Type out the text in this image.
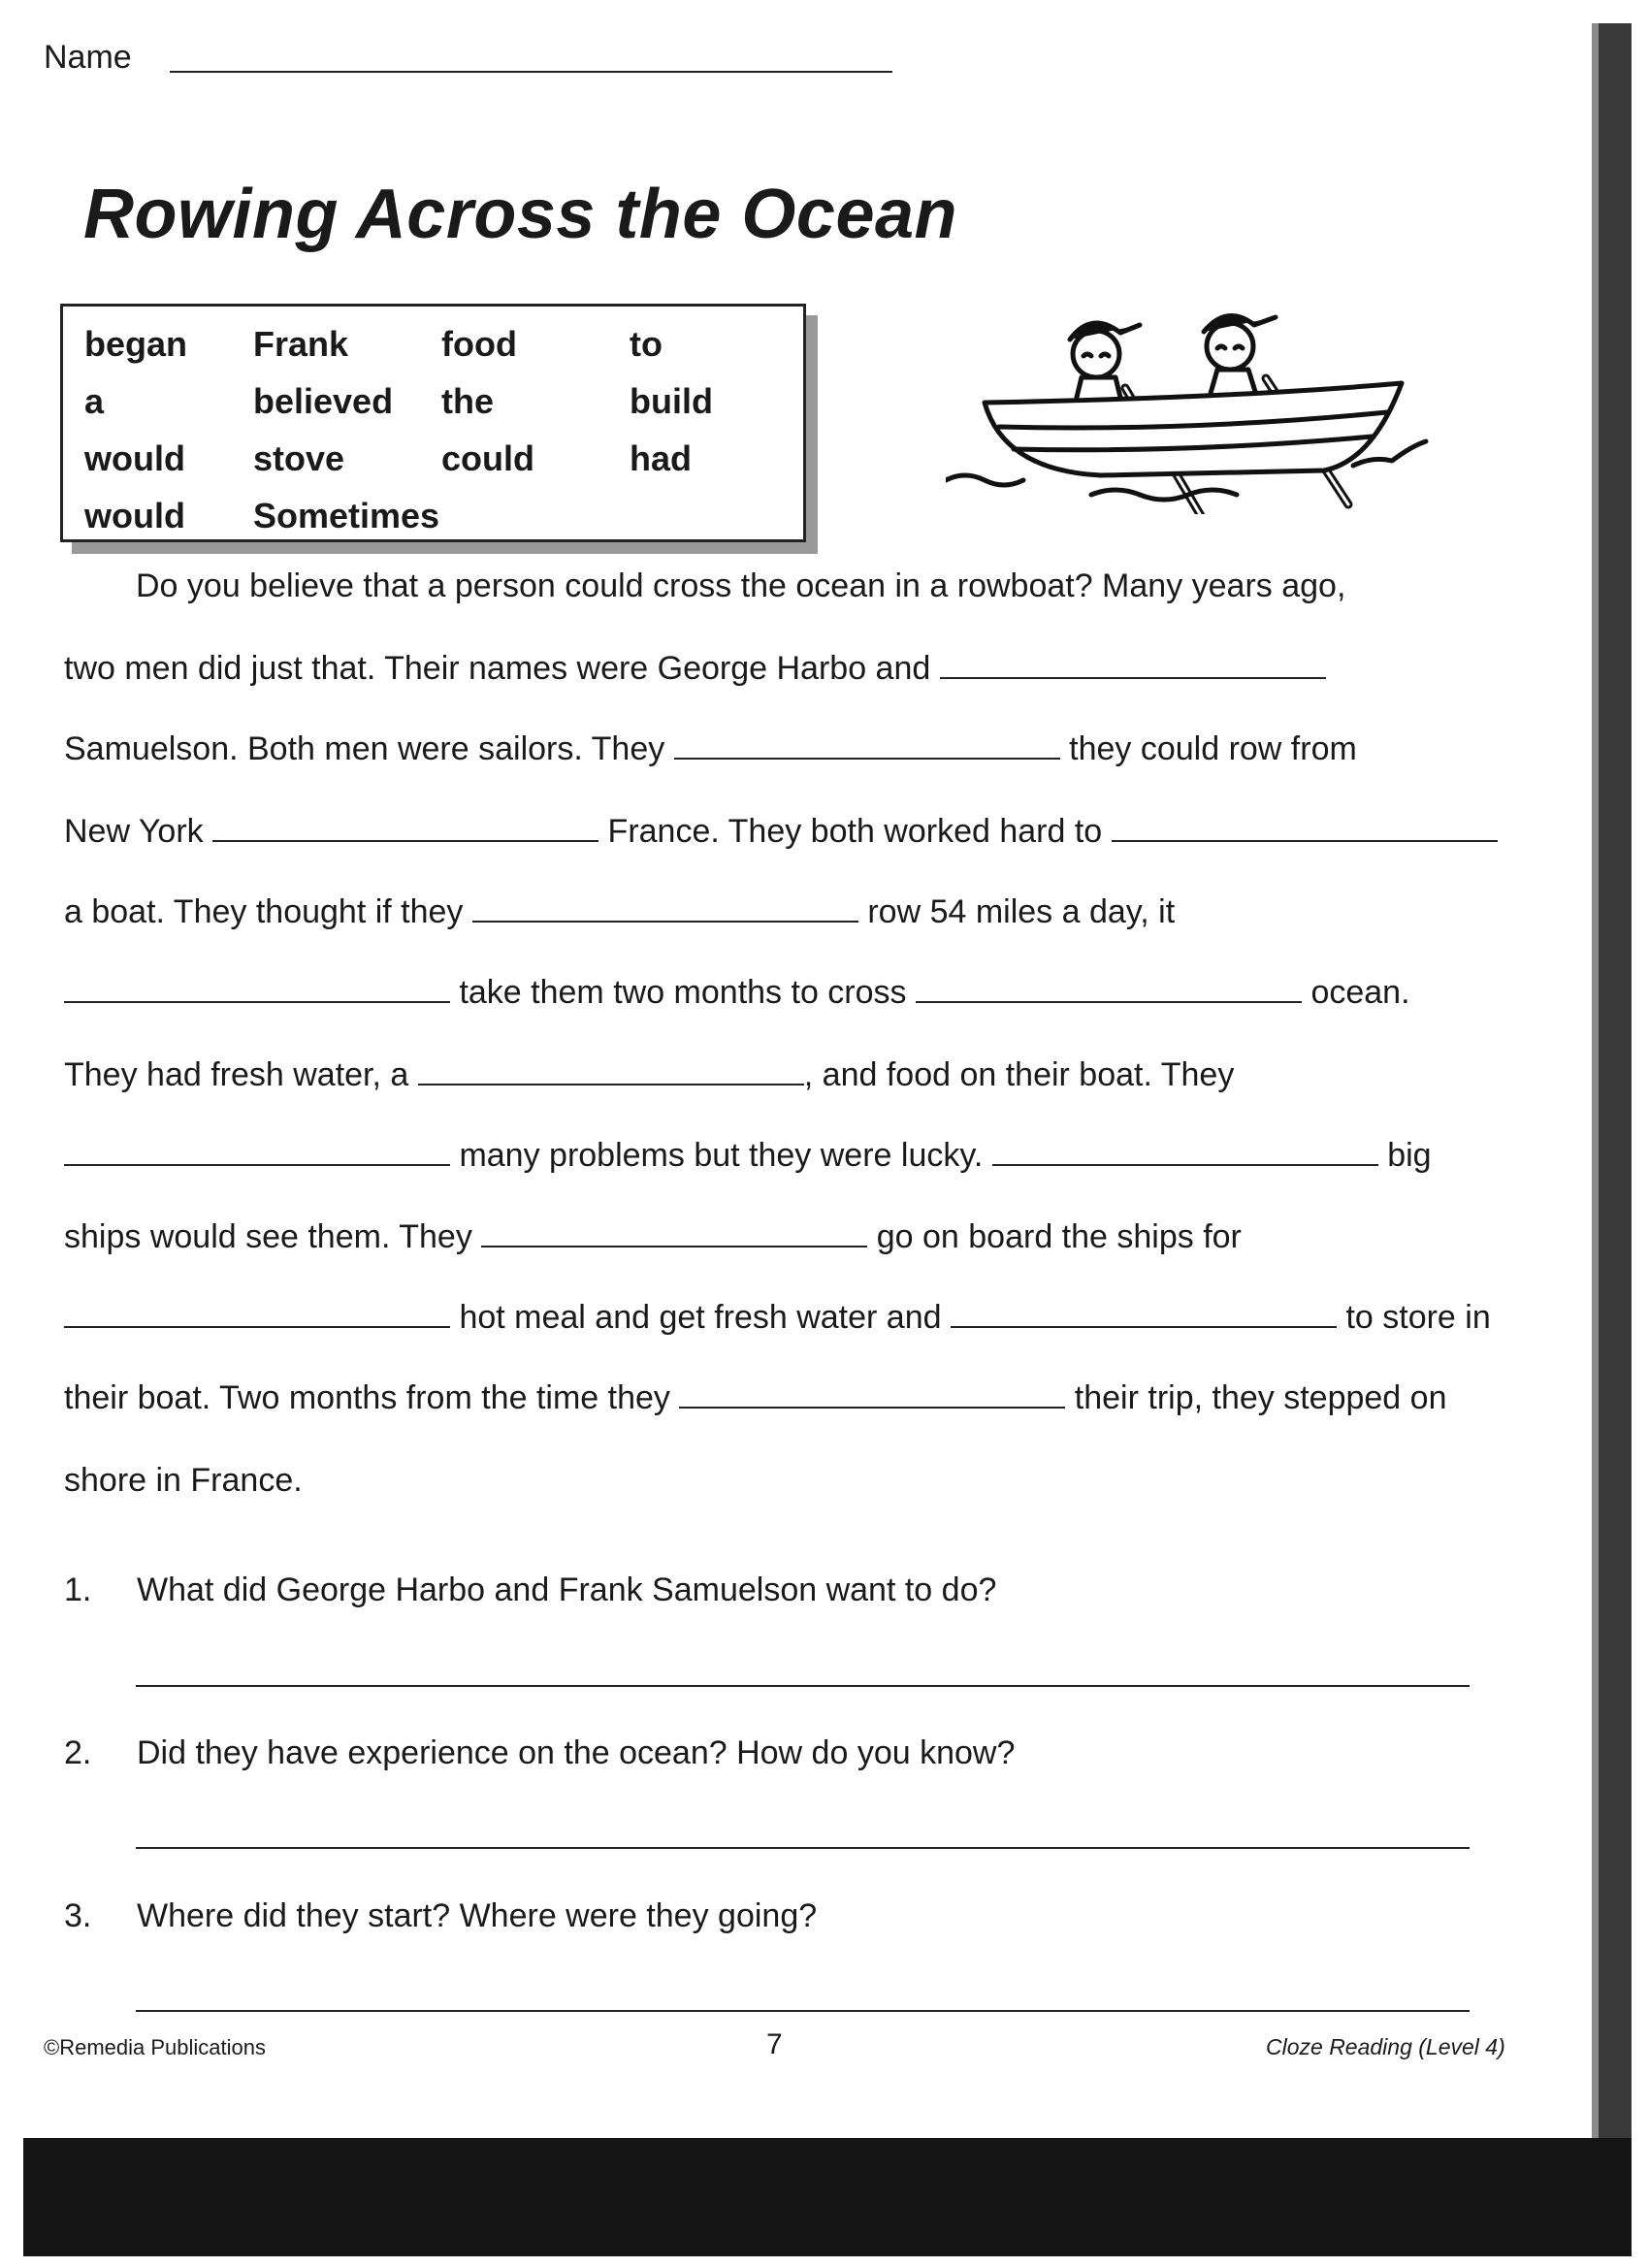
Name
Rowing Across the Ocean
began	Frank	food	to
a	believed	the	build
would	stove	could	had
would	Sometimes
Do you believe that a person could cross the ocean in a rowboat? Many years ago,
two men did just that. Their names were George Harbo and
Samuelson. Both men were sailors. They	they could row from
New York	France. They both worked hard to
a boat. They thought if they	row 54 miles a day, it
take them two months to cross	ocean.
They had fresh water, a	, and food on their boat. They
many problems but they were lucky.	big
ships would see them. They	go on board the ships for
hot meal and get fresh water and	to store in
their boat. Two months from the time they	their trip, they stepped on
shore in France.
1. What did George Harbo and Frank Samuelson want to do?
2. Did they have experience on the ocean? How do you know?
3. Where did they start? Where were they going?
©Remedia Publications	7	Cloze Reading (Level 4)
